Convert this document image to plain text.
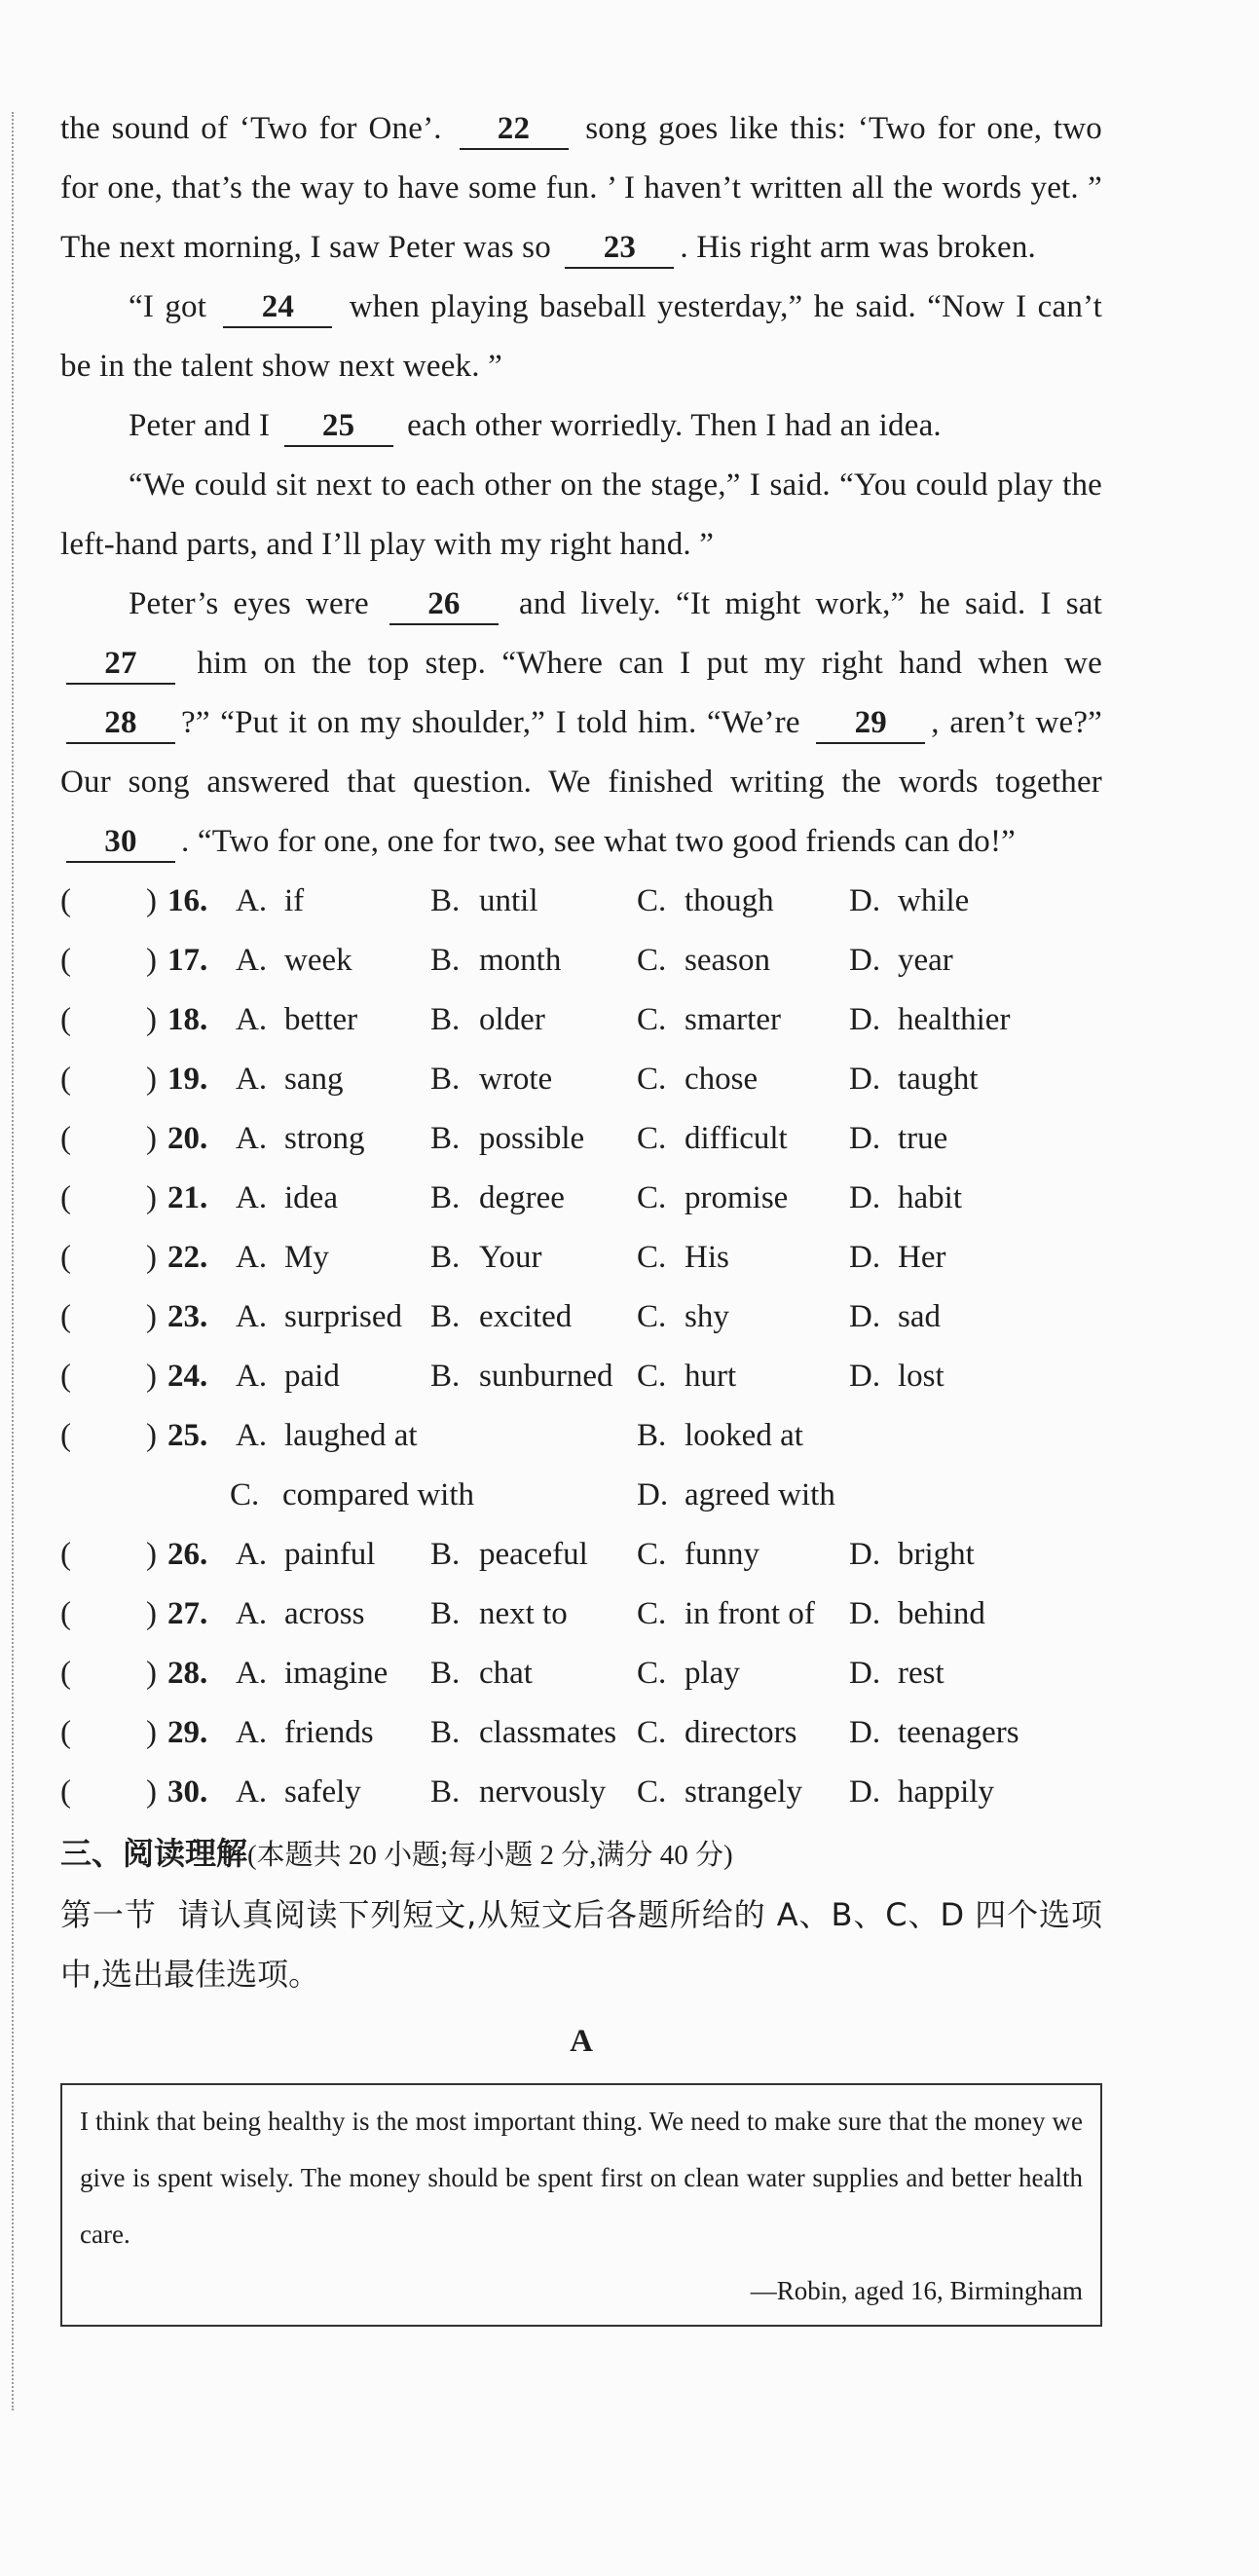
the sound of ‘Two for One’. 22 song goes like this: ‘Two for one, two for one, that’s the way to have some fun. ’ I haven’t written all the words yet. ” The next morning, I saw Peter was so 23 . His right arm was broken.

“I got 24 when playing baseball yesterday,” he said. “Now I can’t be in the talent show next week. ”

Peter and I 25 each other worriedly. Then I had an idea.

“We could sit next to each other on the stage,” I said. “You could play the left-hand parts, and I’ll play with my right hand. ”

Peter’s eyes were 26 and lively. “It might work,” he said. I sat 27 him on the top step. “Where can I put my right hand when we 28 ?” “Put it on my shoulder,” I told him. “We’re 29 , aren’t we?” Our song answered that question. We finished writing the words together 30 . “Two for one, one for two, see what two good friends can do!”

( ) 16. A. if	B. until	C. though D. while
( ) 17. A. week B. month C. season D. year
( ) 18. A. better B. older	C. smarter D. healthier
( ) 19. A. sang	B. wrote	C. chose	D. taught
( ) 20. A. strong B. possible C. difficult D. true
( ) 21. A. idea	B. degree C. promise D. habit
( ) 22. A. My	B. Your	C. His	D. Her
( ) 23. A. surprised B. excited C. shy	D. sad
( ) 24. A. paid	B. sunburned C. hurt	D. lost
( ) 25. A. laughed at	B. looked at
C. compared with	D. agreed with
( ) 26. A. painful B. peaceful C. funny	D. bright
( ) 27. A. across B. next to C. in front of D. behind
( ) 28. A. imagine B. chat	C. play	D. rest
( ) 29. A. friends B. classmates C. directors D. teenagers
( ) 30. A. safely B. nervously C. strangely D. happily
三、阅读理解(本题共 20 小题;每小题 2 分,满分 40 分)
第一节 请认真阅读下列短文,从短文后各题所给的 A、B、C、D 四个选项中,选出最佳选项。
A
I think that being healthy is the most important thing. We need to make sure that the money we give is spent wisely. The money should be spent first on clean water supplies and better health care.
—Robin, aged 16, Birmingham
